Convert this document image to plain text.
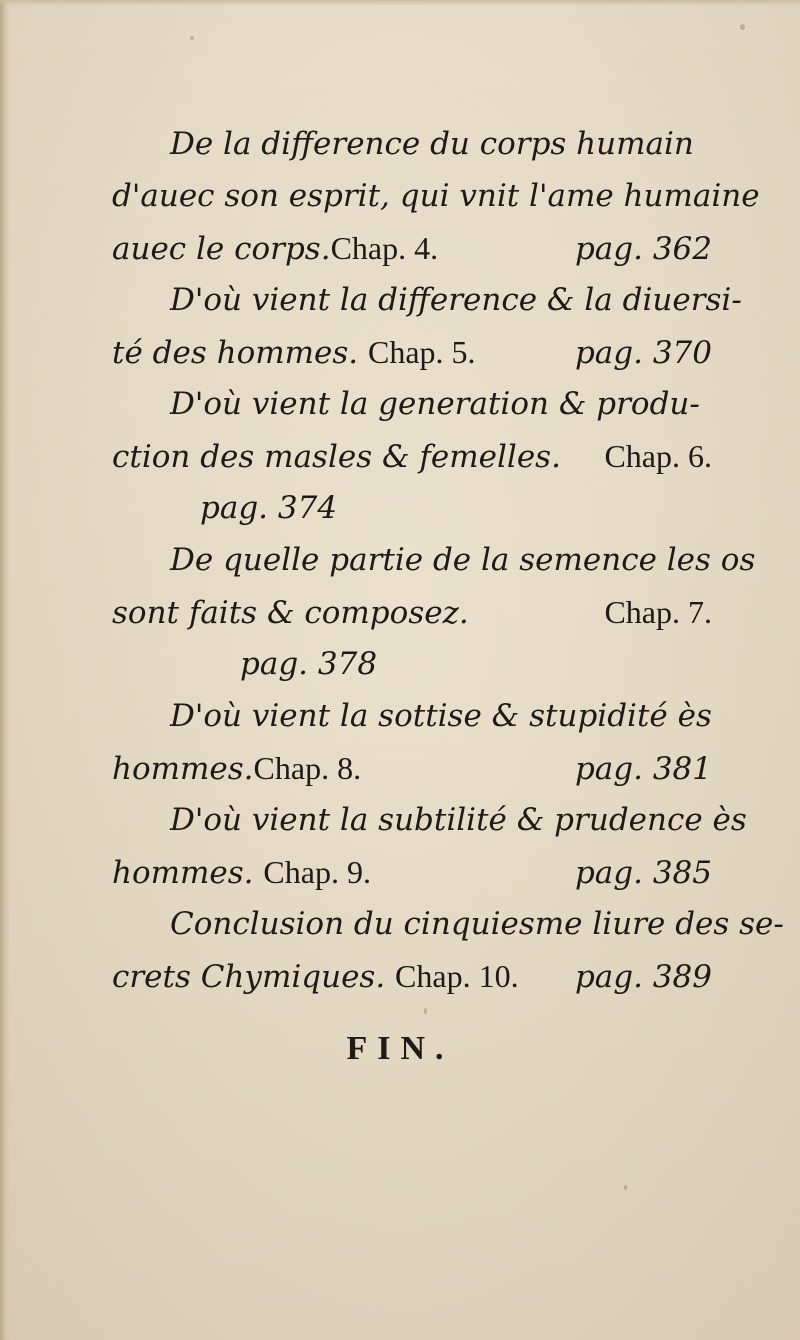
De la difference du corps humain
d'auec son esprit, qui vnit l'ame humaine
auec le corps.Chap. 4.	pag. 362
D'où vient la difference & la diuersi-
té des hommes. Chap. 5.	pag. 370
D'où vient la generation & produ-
ction des masles & femelles. Chap. 6.
pag. 374
De quelle partie de la semence les os
sont faits & composez.	Chap. 7.
pag. 378
D'où vient la sottise & stupidité ès
hommes.Chap. 8.	pag. 381
D'où vient la subtilité & prudence ès
hommes. Chap. 9.	pag. 385
Conclusion du cinquiesme liure des se-
crets Chymiques. Chap. 10. pag. 389
FIN.
